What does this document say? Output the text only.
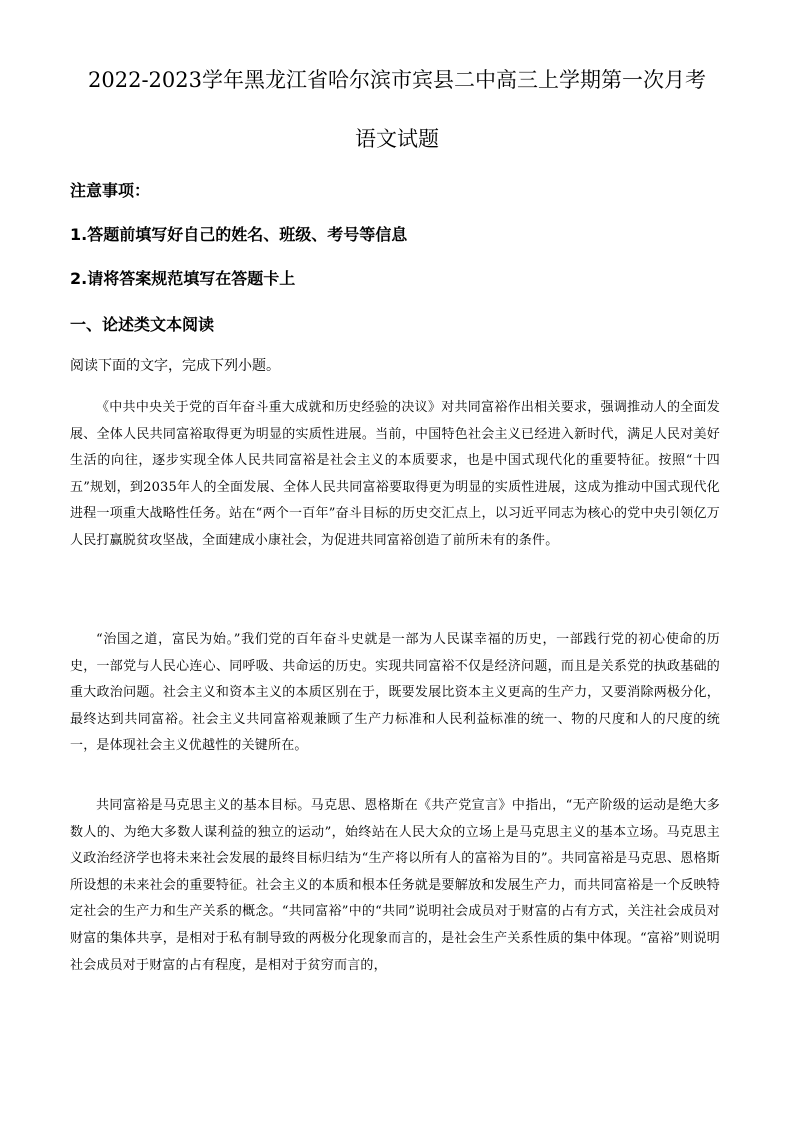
2022-2023学年黑龙江省哈尔滨市宾县二中高三上学期第一次月考
语文试题
注意事项：
1.答题前填写好自己的姓名、班级、考号等信息
2.请将答案规范填写在答题卡上
一、论述类文本阅读
阅读下面的文字，完成下列小题。

《中共中央关于党的百年奋斗重大成就和历史经验的决议》对共同富裕作出相关要求，强调推动人的全面发展、全体人民共同富裕取得更为明显的实质性进展。当前，中国特色社会主义已经进入新时代，满足人民对美好生活的向往，逐步实现全体人民共同富裕是社会主义的本质要求，也是中国式现代化的重要特征。按照“十四五”规划，到2035年人的全面发展、全体人民共同富裕要取得更为明显的实质性进展，这成为推动中国式现代化进程一项重大战略性任务。站在“两个一百年”奋斗目标的历史交汇点上，以习近平同志为核心的党中央引领亿万人民打赢脱贫攻坚战，全面建成小康社会，为促进共同富裕创造了前所未有的条件。

“治国之道，富民为始。”我们党的百年奋斗史就是一部为人民谋幸福的历史，一部践行党的初心使命的历史，一部党与人民心连心、同呼吸、共命运的历史。实现共同富裕不仅是经济问题，而且是关系党的执政基础的重大政治问题。社会主义和资本主义的本质区别在于，既要发展比资本主义更高的生产力，又要消除两极分化，最终达到共同富裕。社会主义共同富裕观兼顾了生产力标准和人民利益标准的统一、物的尺度和人的尺度的统一，是体现社会主义优越性的关键所在。

共同富裕是马克思主义的基本目标。马克思、恩格斯在《共产党宣言》中指出，“无产阶级的运动是绝大多数人的、为绝大多数人谋利益的独立的运动”，始终站在人民大众的立场上是马克思主义的基本立场。马克思主义政治经济学也将未来社会发展的最终目标归结为“生产将以所有人的富裕为目的”。共同富裕是马克思、恩格斯所设想的未来社会的重要特征。社会主义的本质和根本任务就是要解放和发展生产力，而共同富裕是一个反映特定社会的生产力和生产关系的概念。“共同富裕”中的“共同”说明社会成员对于财富的占有方式，关注社会成员对财富的集体共享，是相对于私有制导致的两极分化现象而言的，是社会生产关系性质的集中体现。“富裕”则说明社会成员对于财富的占有程度，是相对于贫穷而言的，
